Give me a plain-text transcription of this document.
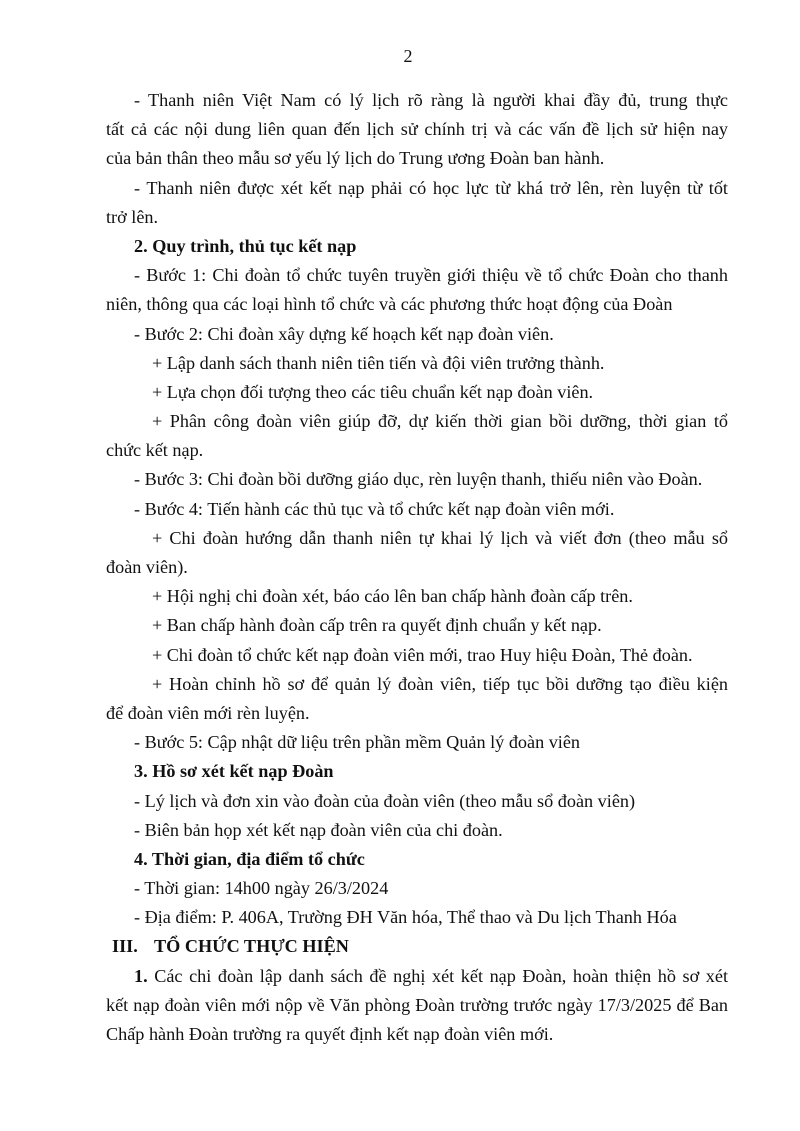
2
- Thanh niên Việt Nam có lý lịch rõ ràng là người khai đầy đủ, trung thực
tất cả các nội dung liên quan đến lịch sử chính trị và các vấn đề lịch sử hiện nay
của bản thân theo mẫu sơ yếu lý lịch do Trung ương Đoàn ban hành.
- Thanh niên được xét kết nạp phải có học lực từ khá trở lên, rèn luyện từ tốt
trở lên.
2. Quy trình, thủ tục kết nạp
- Bước 1: Chi đoàn tổ chức tuyên truyền giới thiệu về tổ chức Đoàn cho thanh
niên, thông qua các loại hình tổ chức và các phương thức hoạt động của Đoàn
- Bước 2: Chi đoàn xây dựng kế hoạch kết nạp đoàn viên.
+ Lập danh sách thanh niên tiên tiến và đội viên trưởng thành.
+ Lựa chọn đối tượng theo các tiêu chuẩn kết nạp đoàn viên.
+ Phân công đoàn viên giúp đỡ, dự kiến thời gian bồi dưỡng, thời gian tổ
chức kết nạp.
- Bước 3: Chi đoàn bồi dưỡng giáo dục, rèn luyện thanh, thiếu niên vào Đoàn.
- Bước 4: Tiến hành các thủ tục và tổ chức kết nạp đoàn viên mới.
+ Chi đoàn hướng dẫn thanh niên tự khai lý lịch và viết đơn (theo mẫu sổ
đoàn viên).
+ Hội nghị chi đoàn xét, báo cáo lên ban chấp hành đoàn cấp trên.
+ Ban chấp hành đoàn cấp trên ra quyết định chuẩn y kết nạp.
+ Chi đoàn tổ chức kết nạp đoàn viên mới, trao Huy hiệu Đoàn, Thẻ đoàn.
+ Hoàn chỉnh hồ sơ để quản lý đoàn viên, tiếp tục bồi dưỡng tạo điều kiện
để đoàn viên mới rèn luyện.
- Bước 5: Cập nhật dữ liệu trên phần mềm Quản lý đoàn viên
3. Hồ sơ xét kết nạp Đoàn
- Lý lịch và đơn xin vào đoàn của đoàn viên (theo mẫu sổ đoàn viên)
- Biên bản họp xét kết nạp đoàn viên của chi đoàn.
4. Thời gian, địa điểm tổ chức
- Thời gian: 14h00 ngày 26/3/2024
- Địa điểm: P. 406A, Trường ĐH Văn hóa, Thể thao và Du lịch Thanh Hóa
III. TỔ CHỨC THỰC HIỆN
1. Các chi đoàn lập danh sách đề nghị xét kết nạp Đoàn, hoàn thiện hồ sơ xét
kết nạp đoàn viên mới nộp về Văn phòng Đoàn trường trước ngày 17/3/2025 để Ban
Chấp hành Đoàn trường ra quyết định kết nạp đoàn viên mới.
